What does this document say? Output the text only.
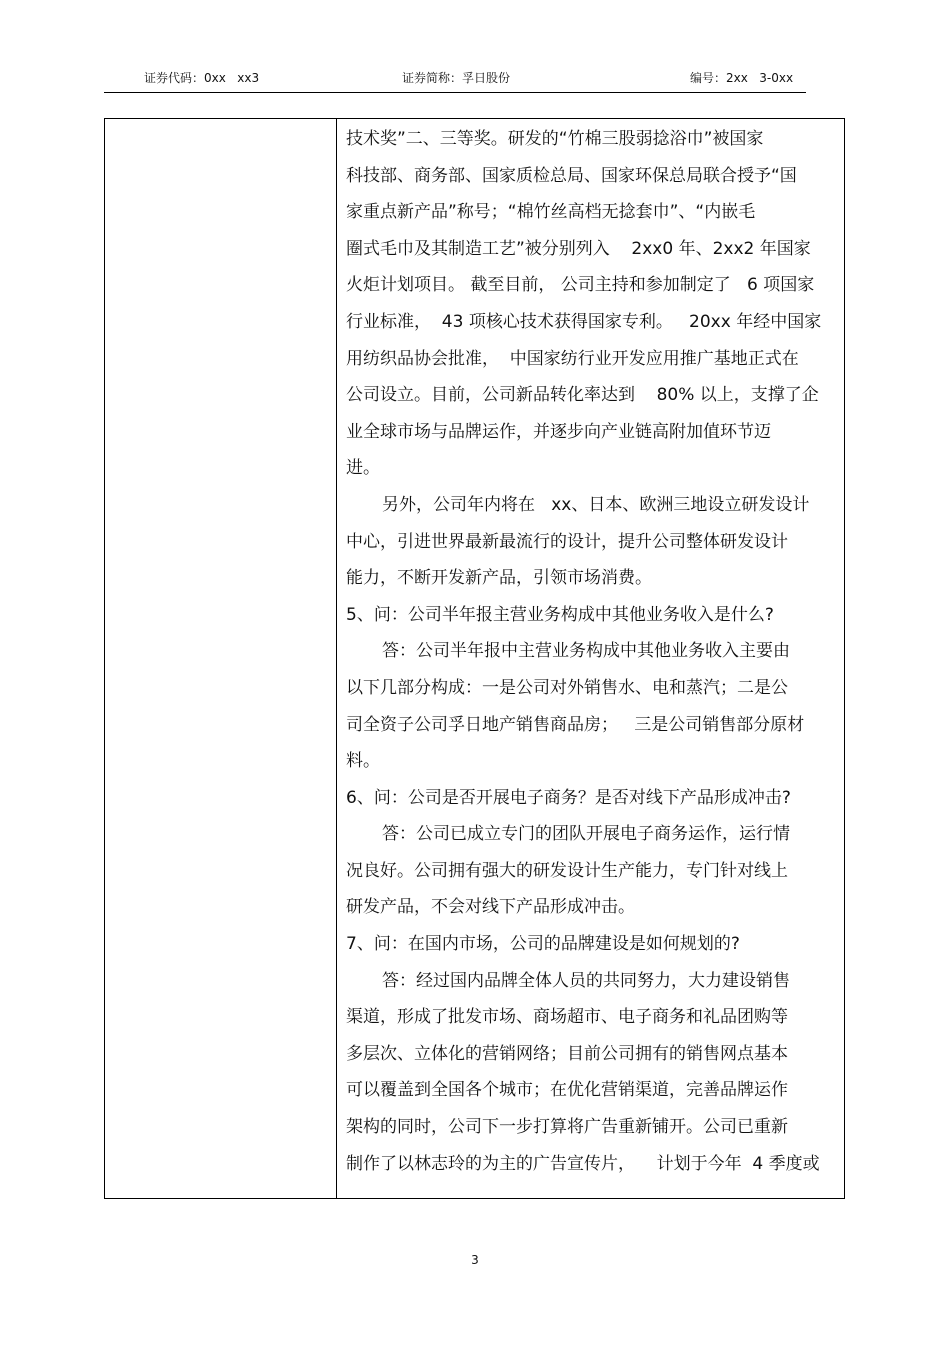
证券代码：0xx   xx3	证券简称：孚日股份	编号：2xx   3-0xx
技术奖”二、三等奖。研发的“竹棉三股弱捻浴巾”被国家
科技部、商务部、国家质检总局、国家环保总局联合授予“国
家重点新产品”称号；“棉竹丝高档无捻套巾”、“内嵌毛
圈式毛巾及其制造工艺”被分别列入    2xx0 年、2xx2 年国家
火炬计划项目。 截至目前， 公司主持和参加制定了   6 项国家
行业标准，  43 项核心技术获得国家专利。   20xx 年经中国家
用纺织品协会批准，  中国家纺行业开发应用推广基地正式在
公司设立。目前，公司新品转化率达到    80% 以上，支撑了企
业全球市场与品牌运作，并逐步向产业链高附加值环节迈
进。
另外，公司年内将在   xx、日本、欧洲三地设立研发设计
中心，引进世界最新最流行的设计，提升公司整体研发设计
能力，不断开发新产品，引领市场消费。
5、问：公司半年报主营业务构成中其他业务收入是什么?
答：公司半年报中主营业务构成中其他业务收入主要由
以下几部分构成：一是公司对外销售水、电和蒸汽；二是公
司全资子公司孚日地产销售商品房；   三是公司销售部分原材
料。
6、问：公司是否开展电子商务？是否对线下产品形成冲击?
答：公司已成立专门的团队开展电子商务运作，运行情
况良好。公司拥有强大的研发设计生产能力，专门针对线上
研发产品，不会对线下产品形成冲击。
7、问：在国内市场，公司的品牌建设是如何规划的?
答：经过国内品牌全体人员的共同努力，大力建设销售
渠道，形成了批发市场、商场超市、电子商务和礼品团购等
多层次、立体化的营销网络；目前公司拥有的销售网点基本
可以覆盖到全国各个城市；在优化营销渠道，完善品牌运作
架构的同时，公司下一步打算将广告重新铺开。公司已重新
制作了以林志玲的为主的广告宣传片，    计划于今年  4 季度或
3
